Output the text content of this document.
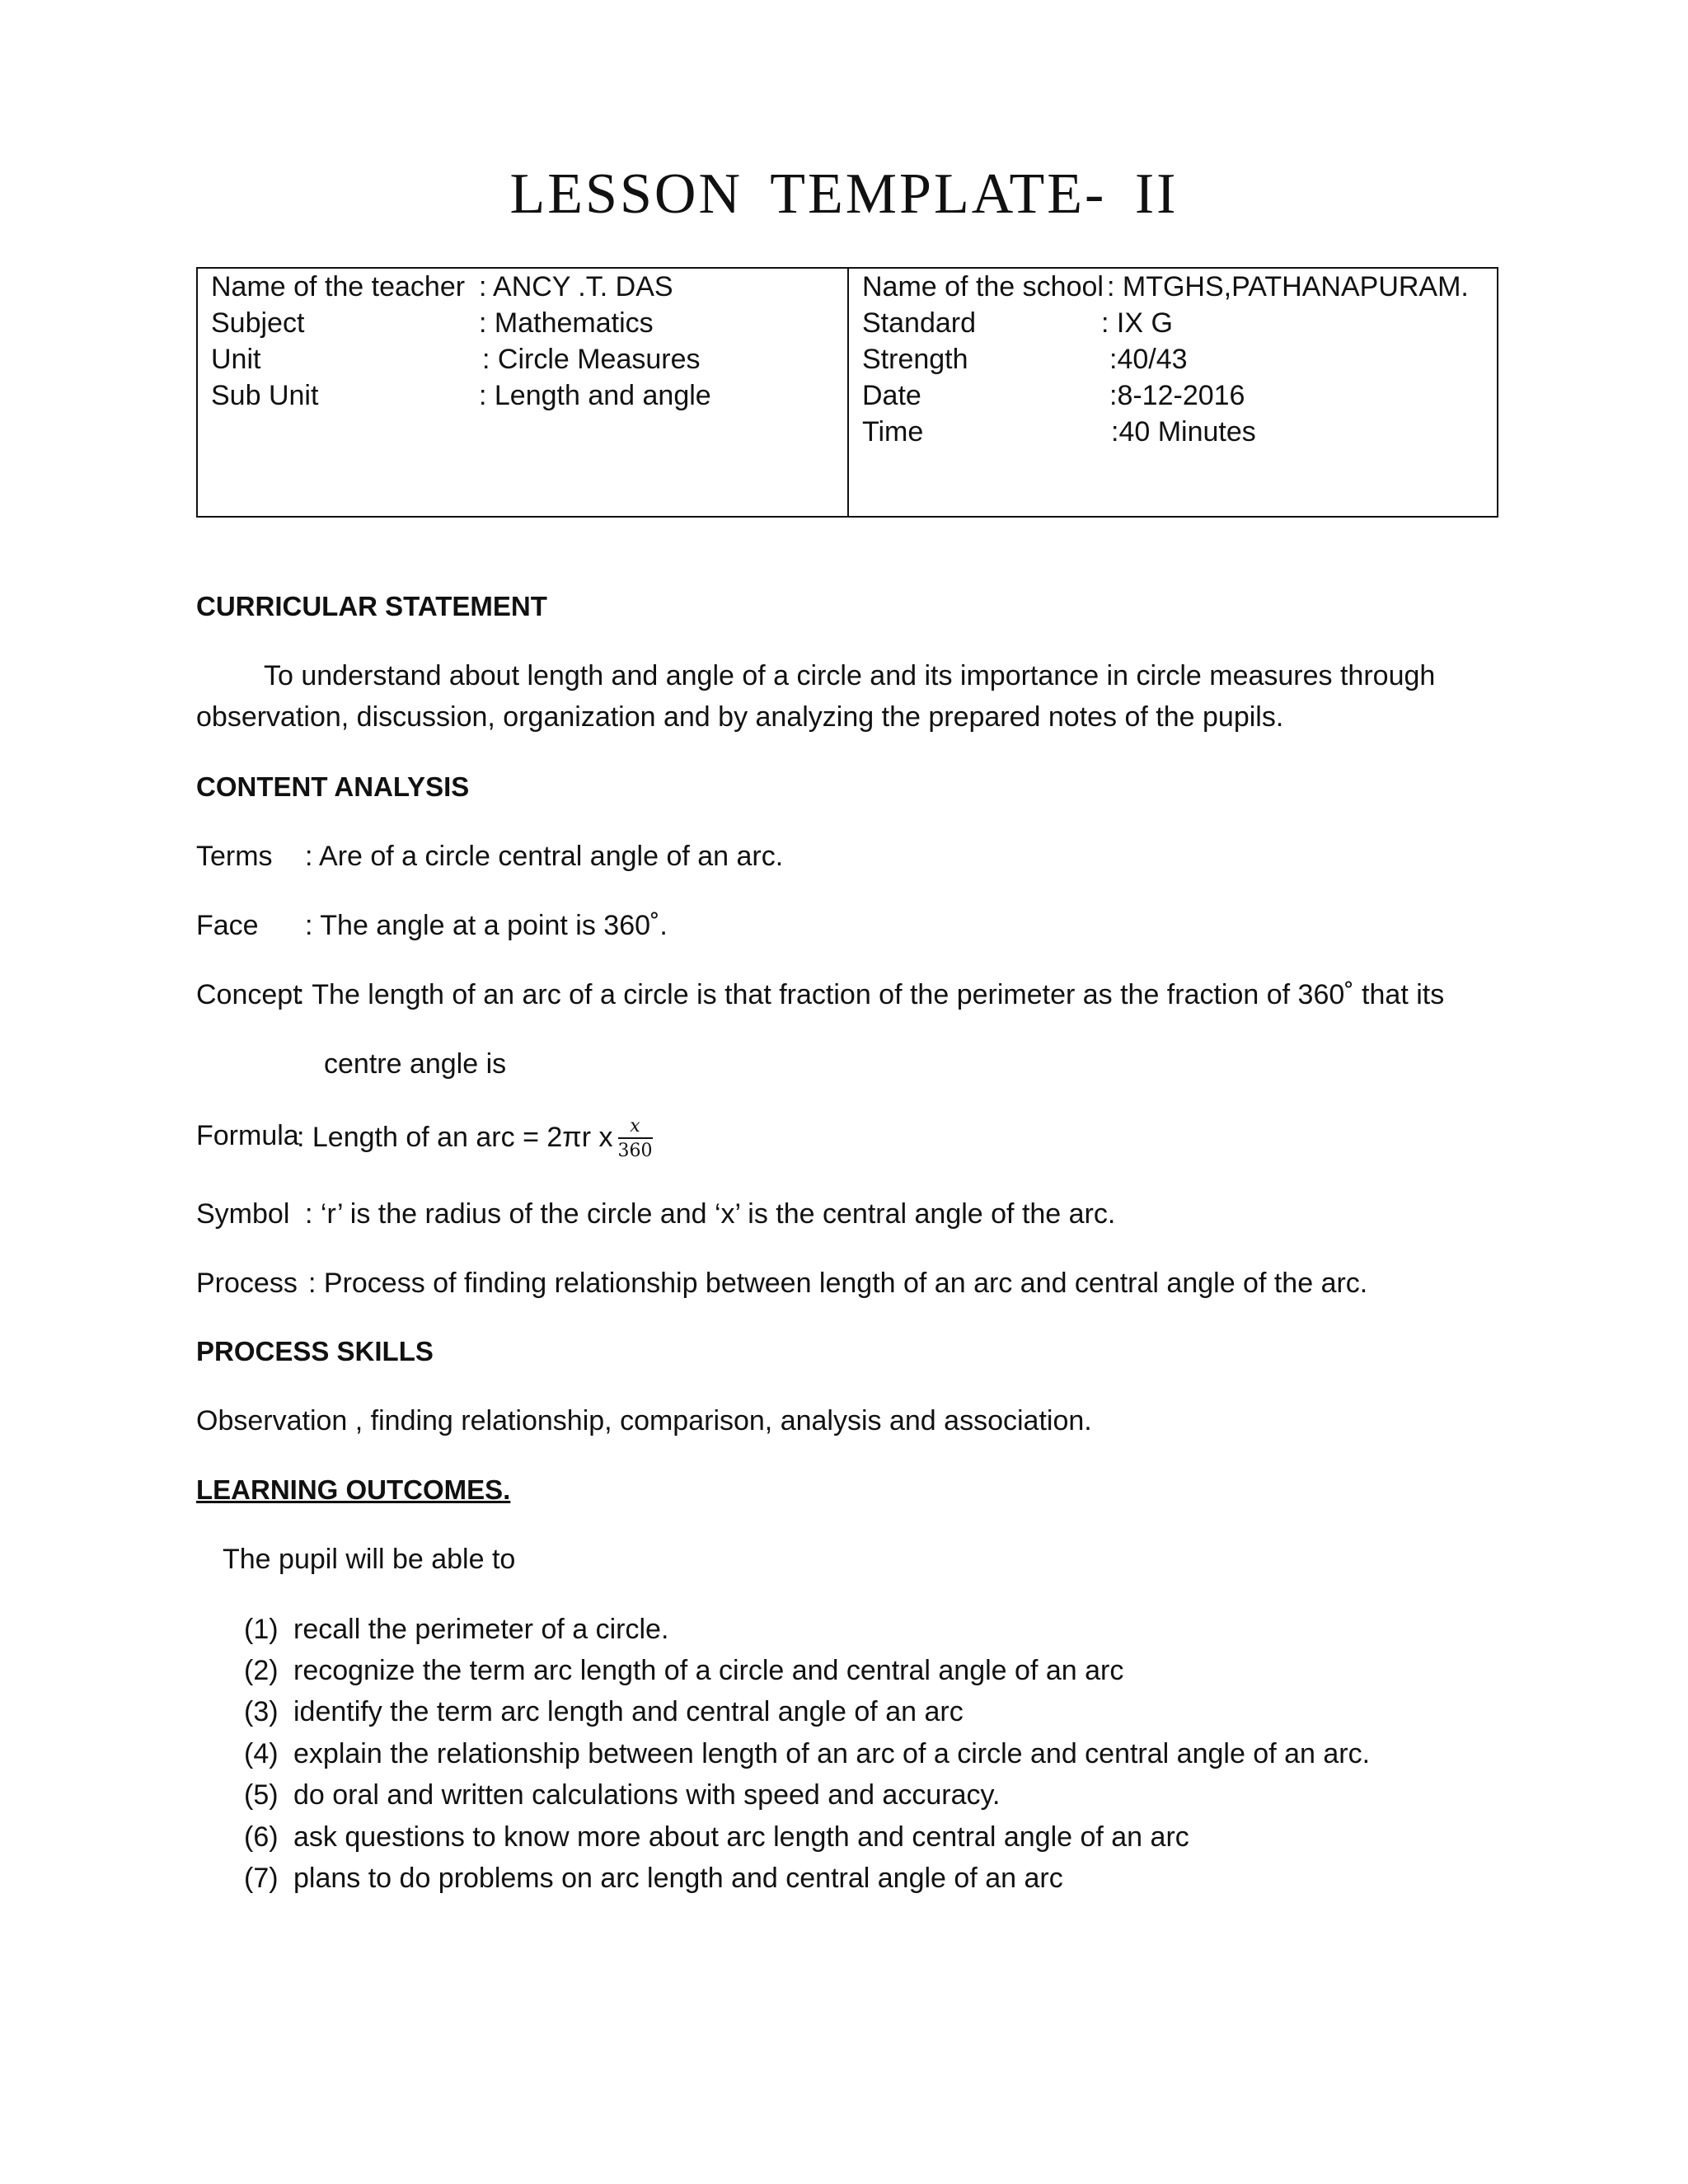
LESSON TEMPLATE- II
Name of the teacher : ANCY .T. DAS
Subject	: Mathematics
Unit	: Circle Measures
Sub Unit	: Length and angle
Name of the school : MTGHS,PATHANAPURAM.
Standard	: IX G
Strength	:40/43
Date	:8-12-2016
Time	:40 Minutes
CURRICULAR STATEMENT
To understand about length and angle of a circle and its importance in circle measures through observation, discussion, organization and by analyzing the prepared notes of the pupils.
CONTENT ANALYSIS
Terms : Are of a circle central angle of an arc.
Face : The angle at a point is 360˚.
Concept
: The length of an arc of a circle is that fraction of the perimeter as the fraction of 360˚ that its
centre angle is
Formula
: Length of an arc = 2πr x $\frac{x}{360}$
Symbol : ‘r’ is the radius of the circle and ‘x’ is the central angle of the arc.
Process : Process of finding relationship between length of an arc and central angle of the arc.
PROCESS SKILLS
Observation , finding relationship, comparison, analysis and association.
LEARNING OUTCOMES.
The pupil will be able to
(1) recall the perimeter of a circle.
(2) recognize the term arc length of a circle and central angle of an arc
(3) identify the term arc length and central angle of an arc
(4) explain the relationship between length of an arc of a circle and central angle of an arc.
(5) do oral and written calculations with speed and accuracy.
(6) ask questions to know more about arc length and central angle of an arc
(7) plans to do problems on arc length and central angle of an arc
